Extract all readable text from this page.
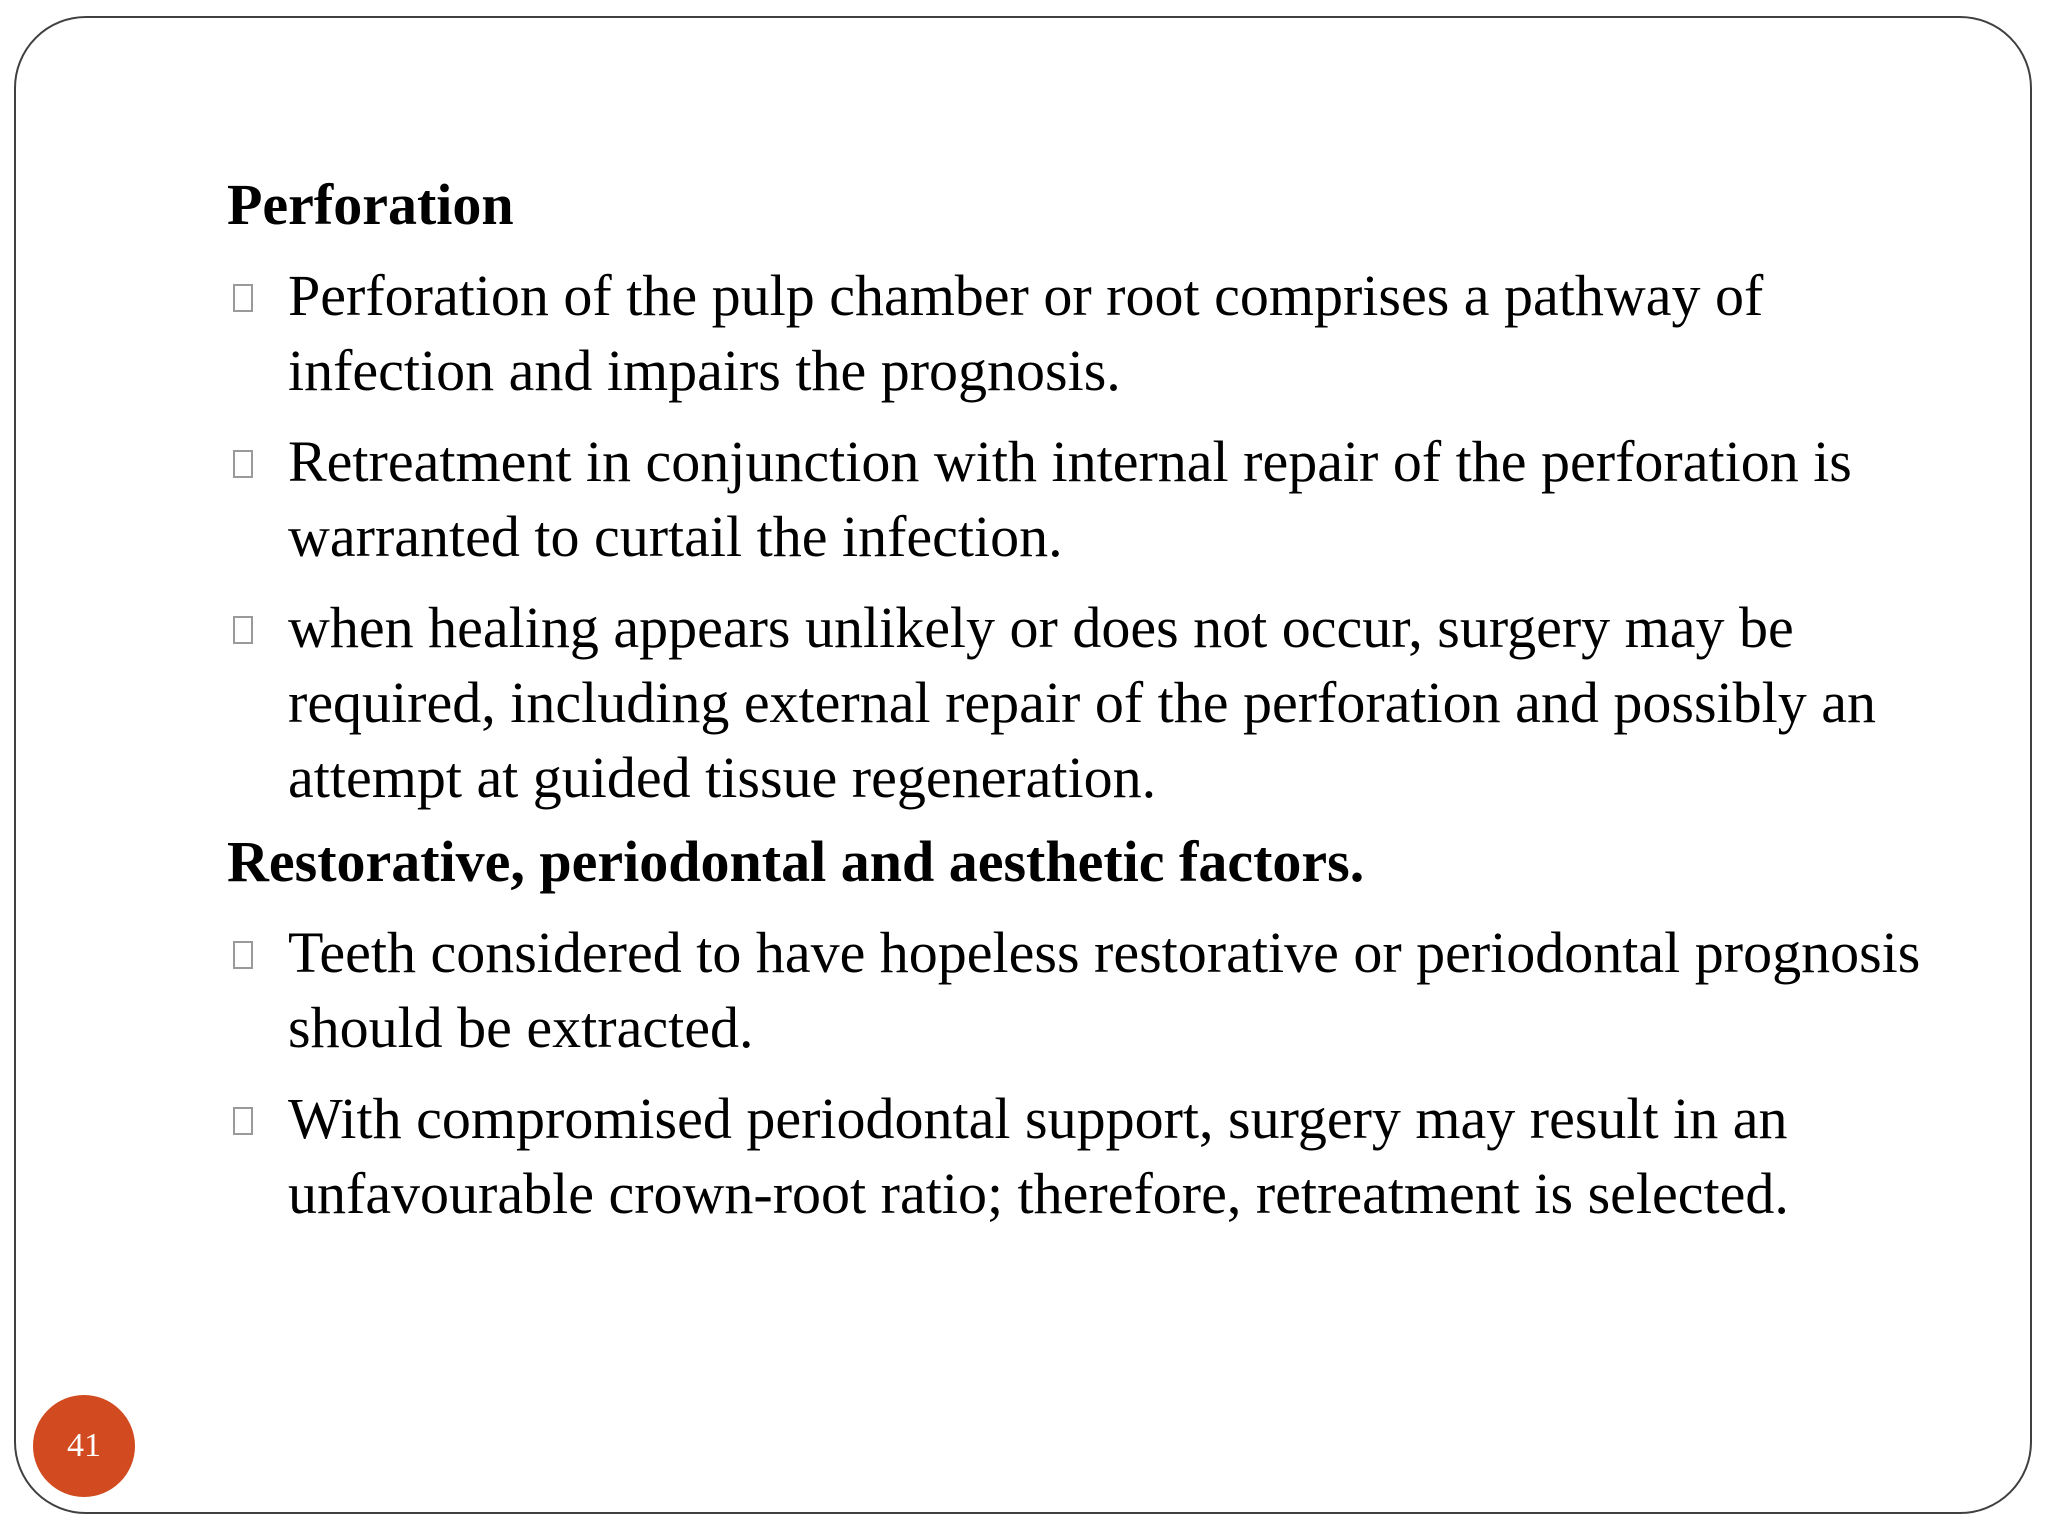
Perforation
Perforation of the pulp chamber or root comprises a pathway of infection and impairs the prognosis.
Retreatment in conjunction with internal repair of the perforation is warranted to curtail the infection.
when healing appears unlikely or does not occur, surgery may be required, including external repair of the perforation and possibly an attempt at guided tissue regeneration.
Restorative, periodontal and aesthetic factors.
Teeth considered to have hopeless restorative or periodontal prognosis should be extracted.
With compromised periodontal support, surgery may result in an unfavourable crown-root ratio; therefore, retreatment is selected.
41
